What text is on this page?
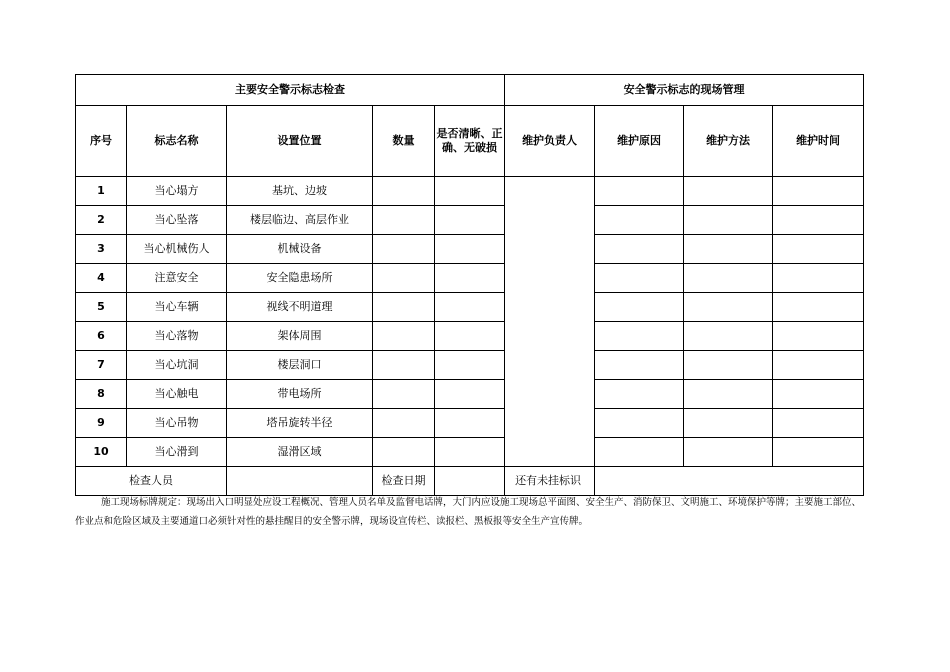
主要安全警示标志检查					安全警示标志的现场管理			
序号	标志名称	设置位置	数量	是否清晰、正确、无破损	维护负责人	维护原因	维护方法	维护时间
1	当心塌方	基坑、边坡						
2	当心坠落	楼层临边、高层作业						
3	当心机械伤人	机械设备						
4	注意安全	安全隐患场所						
5	当心车辆	视线不明道理						
6	当心落物	架体周围						
7	当心坑洞	楼层洞口						
8	当心触电	带电场所						
9	当心吊物	塔吊旋转半径						
10	当心滑到	湿滑区域						
检查人员			检查日期		还有未挂标识			
施工现场标牌规定：现场出入口明显处应设工程概况、管理人员名单及监督电话牌，大门内应设施工现场总平面图、安全生产、消防保卫、文明施工、环境保护等牌；主要施工部位、作业点和危险区域及主要通道口必须针对性的悬挂醒目的安全警示牌，现场设宣传栏、读报栏、黑板报等安全生产宣传牌。
